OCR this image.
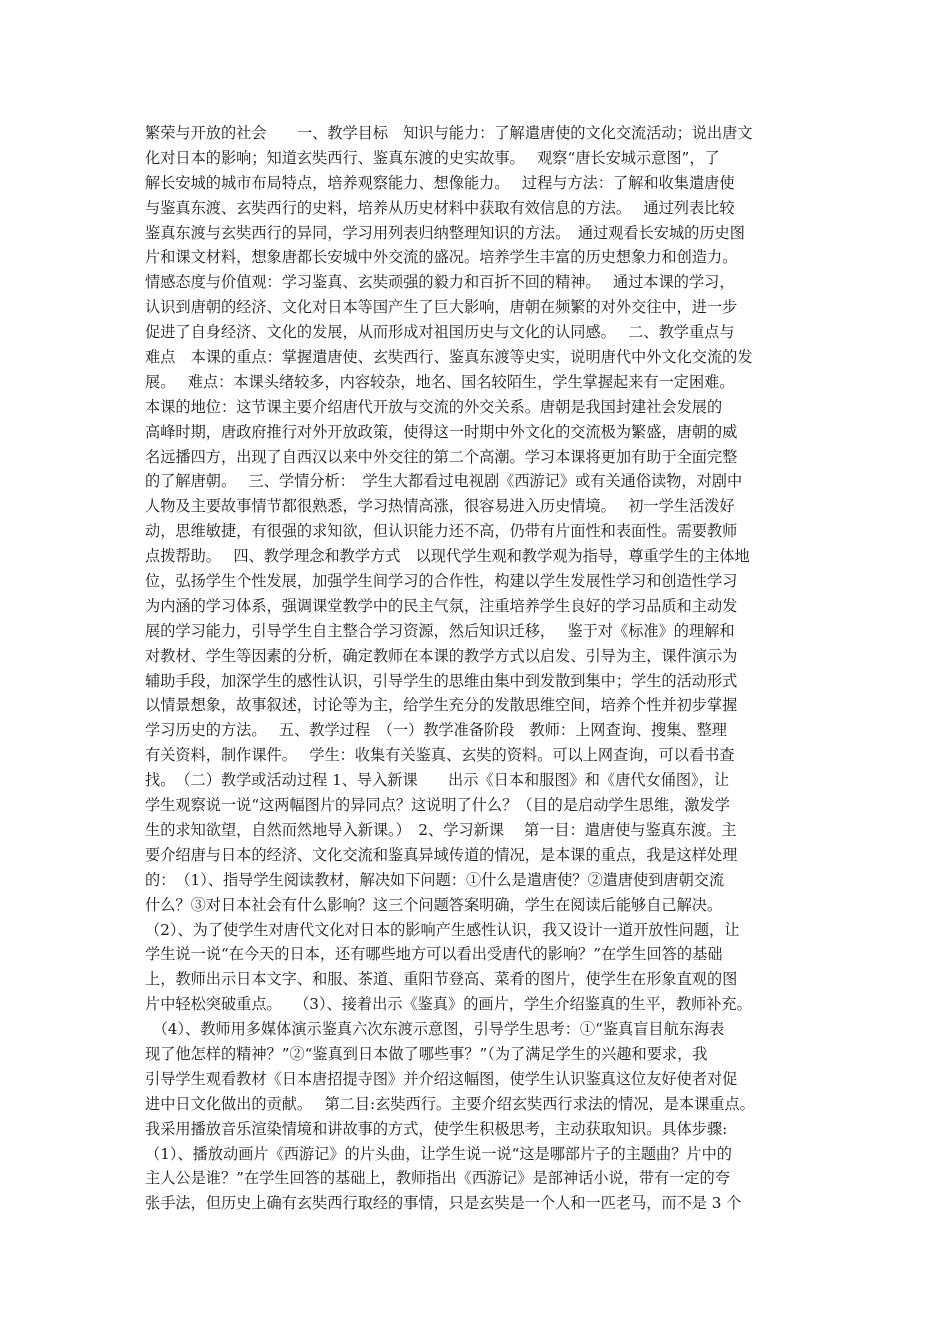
繁荣与开放的社会　　一、教学目标　知识与能力：了解遣唐使的文化交流活动；说出唐文
化对日本的影响；知道玄奘西行、鉴真东渡的史实故事。　 观察“唐长安城示意图”，了
解长安城的城市布局特点，培养观察能力、想像能力。　 过程与方法：了解和收集遣唐使
与鉴真东渡、玄奘西行的史料，培养从历史材料中获取有效信息的方法。　 通过列表比较
鉴真东渡与玄奘西行的异同，学习用列表归纳整理知识的方法。　通过观看长安城的历史图
片和课文材料，想象唐都长安城中外交流的盛况。培养学生丰富的历史想象力和创造力。
情感态度与价值观：学习鉴真、玄奘顽强的毅力和百折不回的精神。　 通过本课的学习，
认识到唐朝的经济、文化对日本等国产生了巨大影响，唐朝在频繁的对外交往中，进一步
促进了自身经济、文化的发展，从而形成对祖国历史与文化的认同感。　 二、教学重点与
难点　本课的重点：掌握遣唐使、玄奘西行、鉴真东渡等史实，说明唐代中外文化交流的发
展。　 难点：本课头绪较多，内容较杂，地名、国名较陌生，学生掌握起来有一定困难。
本课的地位：这节课主要介绍唐代开放与交流的外交关系。唐朝是我国封建社会发展的
高峰时期，唐政府推行对外开放政策，使得这一时期中外文化的交流极为繁盛，唐朝的威
名远播四方，出现了自西汉以来中外交往的第二个高潮。学习本课将更加有助于全面完整
的了解唐朝。　 三、学情分析：　学生大都看过电视剧《西游记》或有关通俗读物，对剧中
人物及主要故事情节都很熟悉，学习热情高涨，很容易进入历史情境。　 初一学生活泼好
动，思维敏捷，有很强的求知欲，但认识能力还不高，仍带有片面性和表面性。需要教师
点拨帮助。　 四、教学理念和教学方式　以现代学生观和教学观为指导，尊重学生的主体地
位，弘扬学生个性发展，加强学生间学习的合作性，构建以学生发展性学习和创造性学习
为内涵的学习体系，强调课堂教学中的民主气氛，注重培养学生良好的学习品质和主动发
展的学习能力，引导学生自主整合学习资源，然后知识迁移，　 鉴于对《标准》的理解和
对教材、学生等因素的分析，确定教师在本课的教学方式以启发、引导为主，课件演示为
辅助手段，加深学生的感性认识，引导学生的思维由集中到发散到集中；学生的活动形式
以情景想象，故事叙述，讨论等为主，给学生充分的发散思维空间，培养个性并初步掌握
学习历史的方法。　 五、教学过程　（一）教学准备阶段　教师：上网查询、搜集、整理
有关资料，制作课件。　 学生：收集有关鉴真、玄奘的资料。可以上网查询，可以看书查
找。　（二）教学或活动过程 1、导入新课　　出示《日本和服图》和《唐代女俑图》，让
学生观察说一说“这两幅图片的异同点？这说明了什么？（目的是启动学生思维，激发学
生的求知欲望，自然而然地导入新课。）　2、学习新课　 第一目：遣唐使与鉴真东渡。主
要介绍唐与日本的经济、文化交流和鉴真异域传道的情况，是本课的重点，我是这样处理
的：　（1）、指导学生阅读教材，解决如下问题：①什么是遣唐使？②遣唐使到唐朝交流
什么？③对日本社会有什么影响？这三个问题答案明确，学生在阅读后能够自己解决。
（2）、为了使学生对唐代文化对日本的影响产生感性认识，我又设计一道开放性问题，让
学生说一说“在今天的日本，还有哪些地方可以看出受唐代的影响？”在学生回答的基础
上，教师出示日本文字、和服、茶道、重阳节登高、菜肴的图片，使学生在形象直观的图
片中轻松突破重点。　 （3）、接着出示《鉴真》的画片，学生介绍鉴真的生平，教师补充。
　（4）、教师用多媒体演示鉴真六次东渡示意图，引导学生思考：①“鉴真盲目航东海表
现了他怎样的精神？”②“鉴真到日本做了哪些事？”（为了满足学生的兴趣和要求，我
引导学生观看教材《日本唐招提寺图》并介绍这幅图，使学生认识鉴真这位友好使者对促
进中日文化做出的贡献。　 第二目:玄奘西行。主要介绍玄奘西行求法的情况，是本课重点。
我采用播放音乐渲染情境和讲故事的方式，使学生积极思考，主动获取知识。具体步骤:
（1）、播放动画片《西游记》的片头曲，让学生说一说“这是哪部片子的主题曲？片中的
主人公是谁？”在学生回答的基础上，教师指出《西游记》是部神话小说，带有一定的夸
张手法，但历史上确有玄奘西行取经的事情，只是玄奘是一个人和一匹老马，而不是 3 个
